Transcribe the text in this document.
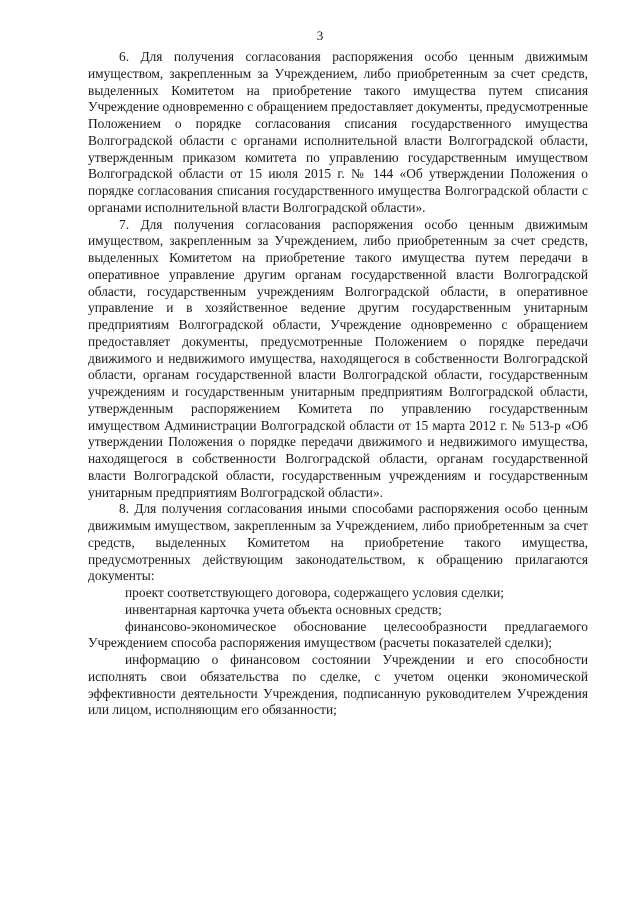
3

6. Для получения согласования распоряжения особо ценным движимым имуществом, закрепленным за Учреждением, либо приобретенным за счет средств, выделенных Комитетом на приобретение такого имущества путем списания Учреждение одновременно с обращением предоставляет документы, предусмотренные Положением о порядке согласования списания государственного имущества Волгоградской области с органами исполнительной власти Волгоградской области, утвержденным приказом комитета по управлению государственным имуществом Волгоградской области от 15 июля 2015 г. № 144 «Об утверждении Положения о порядке согласования списания государственного имущества Волгоградской области с органами исполнительной власти Волгоградской области».

7. Для получения согласования распоряжения особо ценным движимым имуществом, закрепленным за Учреждением, либо приобретенным за счет средств, выделенных Комитетом на приобретение такого имущества путем передачи в оперативное управление другим органам государственной власти Волгоградской области, государственным учреждениям Волгоградской области, в оперативное управление и в хозяйственное ведение другим государственным унитарным предприятиям Волгоградской области, Учреждение одновременно с обращением предоставляет документы, предусмотренные Положением о порядке передачи движимого и недвижимого имущества, находящегося в собственности Волгоградской области, органам государственной власти Волгоградской области, государственным учреждениям и государственным унитарным предприятиям Волгоградской области, утвержденным распоряжением Комитета по управлению государственным имуществом Администрации Волгоградской области от 15 марта 2012 г. № 513-р «Об утверждении Положения о порядке передачи движимого и недвижимого имущества, находящегося в собственности Волгоградской области, органам государственной власти Волгоградской области, государственным учреждениям и государственным унитарным предприятиям Волгоградской области».

8. Для получения согласования иными способами распоряжения особо ценным движимым имуществом, закрепленным за Учреждением, либо приобретенным за счет средств, выделенных Комитетом на приобретение такого имущества, предусмотренных действующим законодательством, к обращению прилагаются документы:

проект соответствующего договора, содержащего условия сделки;

инвентарная карточка учета объекта основных средств;

финансово-экономическое обоснование целесообразности предлагаемого Учреждением способа распоряжения имуществом (расчеты показателей сделки);

информацию о финансовом состоянии Учреждении и его способности исполнять свои обязательства по сделке, с учетом оценки экономической эффективности деятельности Учреждения, подписанную руководителем Учреждения или лицом, исполняющим его обязанности;
